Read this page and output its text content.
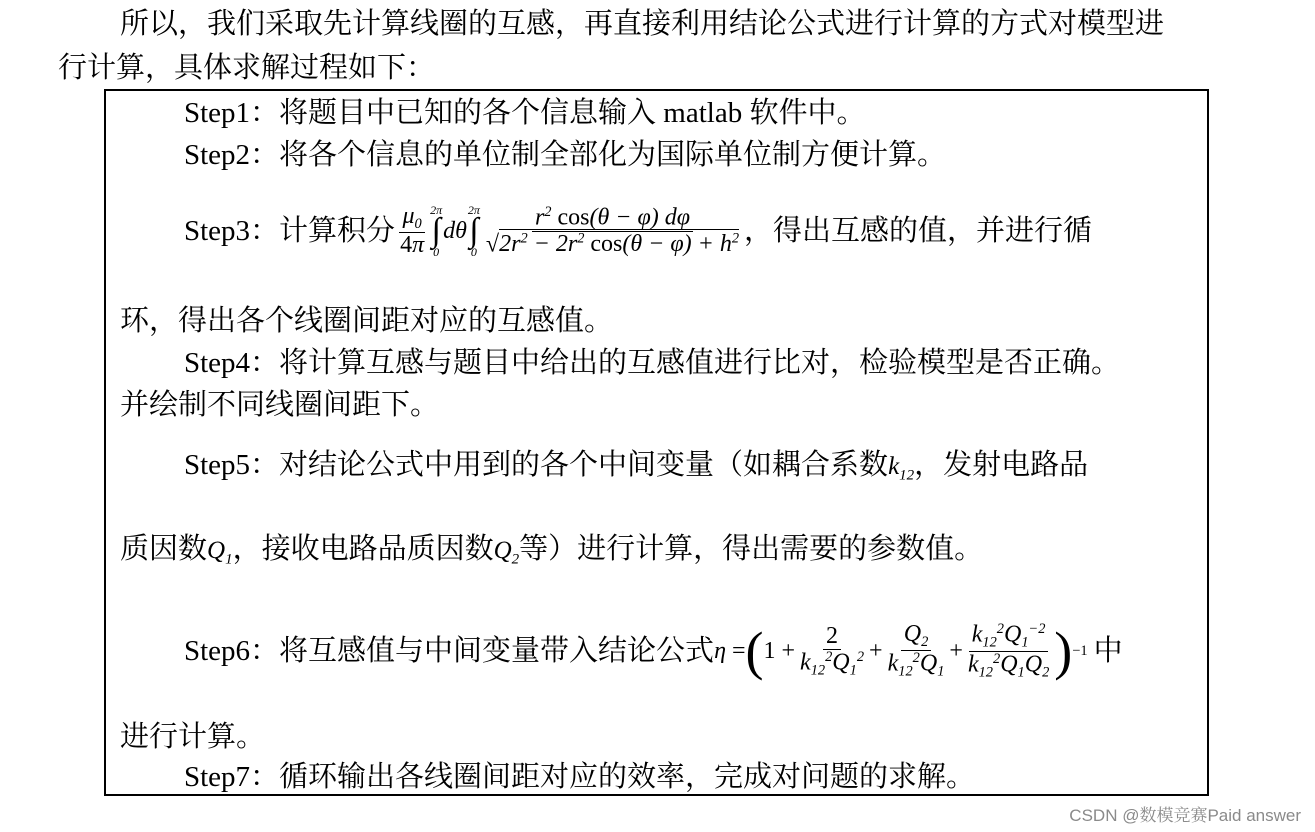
所以，我们采取先计算线圈的互感，再直接利用结论公式进行计算的方式对模型进
行计算，具体求解过程如下：
Step1：将题目中已知的各个信息输入 matlab 软件中。
Step2：将各个信息的单位制全部化为国际单位制方便计算。
Step3：计算积分 $\frac{\mu_0}{4\pi} 2\pi$
∫
0
dθ
2π
∫
$0 \frac{r^2 \cos(\theta - \varphi) d\varphi}{√2r^2 - 2r^2 \cos(\theta - \varphi) + h^2}$ ，得出互感的值，并进行循
环，得出各个线圈间距对应的互感值。
Step4：将计算互感与题目中给出的互感值进行比对，检验模型是否正确。
并绘制不同线圈间距下。
Step5：对结论公式中用到的各个中间变量（如耦合系数$k_{12}$，发射电路品
质因数$Q_1$，接收电路品质因数$Q_2$等）进行计算，得出需要的参数值。
Step6：将互感值与中间变量带入结论公式 η
= ( $1 + \frac{2}{k_{12}^2Q_1^2} + \frac{Q_2}{k_{12}^2Q_1} + \frac{k_{12}^2Q_1^{-2}}{k_{12}^2Q_1Q_2}$ ) −1 中
进行计算。
Step7：循环输出各线圈间距对应的效率，完成对问题的求解。
CSDN @数模竞赛Paid answer
